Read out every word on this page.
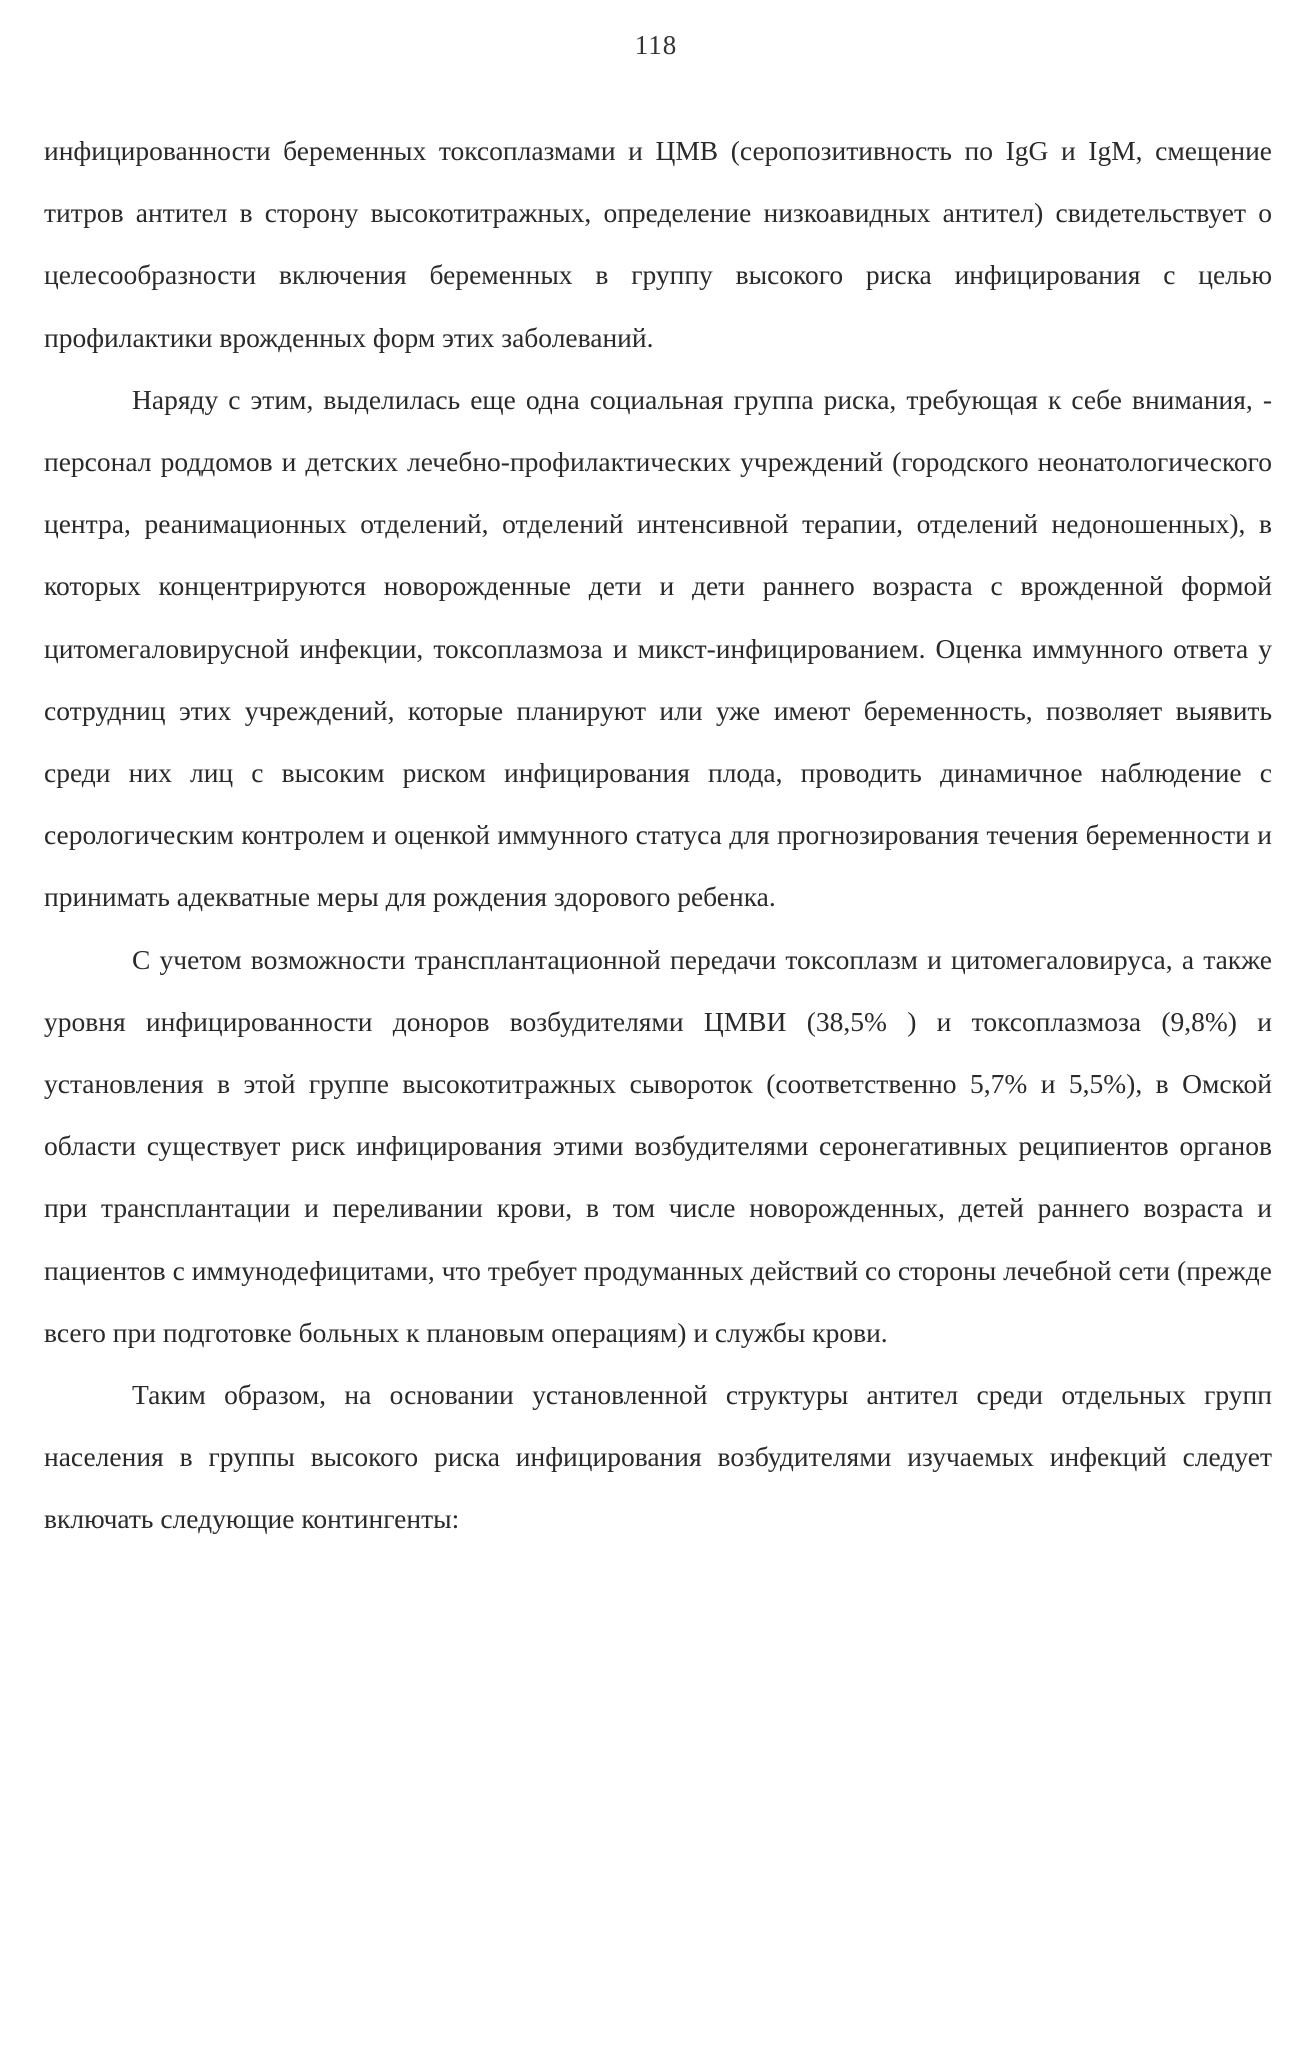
118

инфицированности беременных токсоплазмами и ЦМВ (серопозитивность по IgG и IgM, смещение титров антител в сторону высокотитражных, определение низкоавидных антител) свидетельствует о целесообразности включения беременных в группу высокого риска инфицирования с целью профилактики врожденных форм этих заболеваний.

Наряду с этим, выделилась еще одна социальная группа риска, требующая к себе внимания, - персонал роддомов и детских лечебно-профилактических учреждений (городского неонатологического центра, реанимационных отделений, отделений интенсивной терапии, отделений недоношенных), в которых концентрируются новорожденные дети и дети раннего возраста с врожденной формой цитомегаловирусной инфекции, токсоплазмоза и микст-инфицированием. Оценка иммунного ответа у сотрудниц этих учреждений, которые планируют или уже имеют беременность, позволяет выявить среди них лиц с высоким риском инфицирования плода, проводить динамичное наблюдение с серологическим контролем и оценкой иммунного статуса для прогнозирования течения беременности и принимать адекватные меры для рождения здорового ребенка.

С учетом возможности трансплантационной передачи токсоплазм и цитомегаловируса, а также уровня инфицированности доноров возбудителями ЦМВИ (38,5% ) и токсоплазмоза (9,8%) и установления в этой группе высокотитражных сывороток (соответственно 5,7% и 5,5%), в Омской области существует риск инфицирования этими возбудителями серонегативных реципиентов органов при трансплантации и переливании крови, в том числе новорожденных, детей раннего возраста и пациентов с иммунодефицитами, что требует продуманных действий со стороны лечебной сети (прежде всего при подготовке больных к плановым операциям) и службы крови.

Таким образом, на основании установленной структуры антител среди отдельных групп населения в группы высокого риска инфицирования возбудителями изучаемых инфекций следует включать следующие контингенты:
